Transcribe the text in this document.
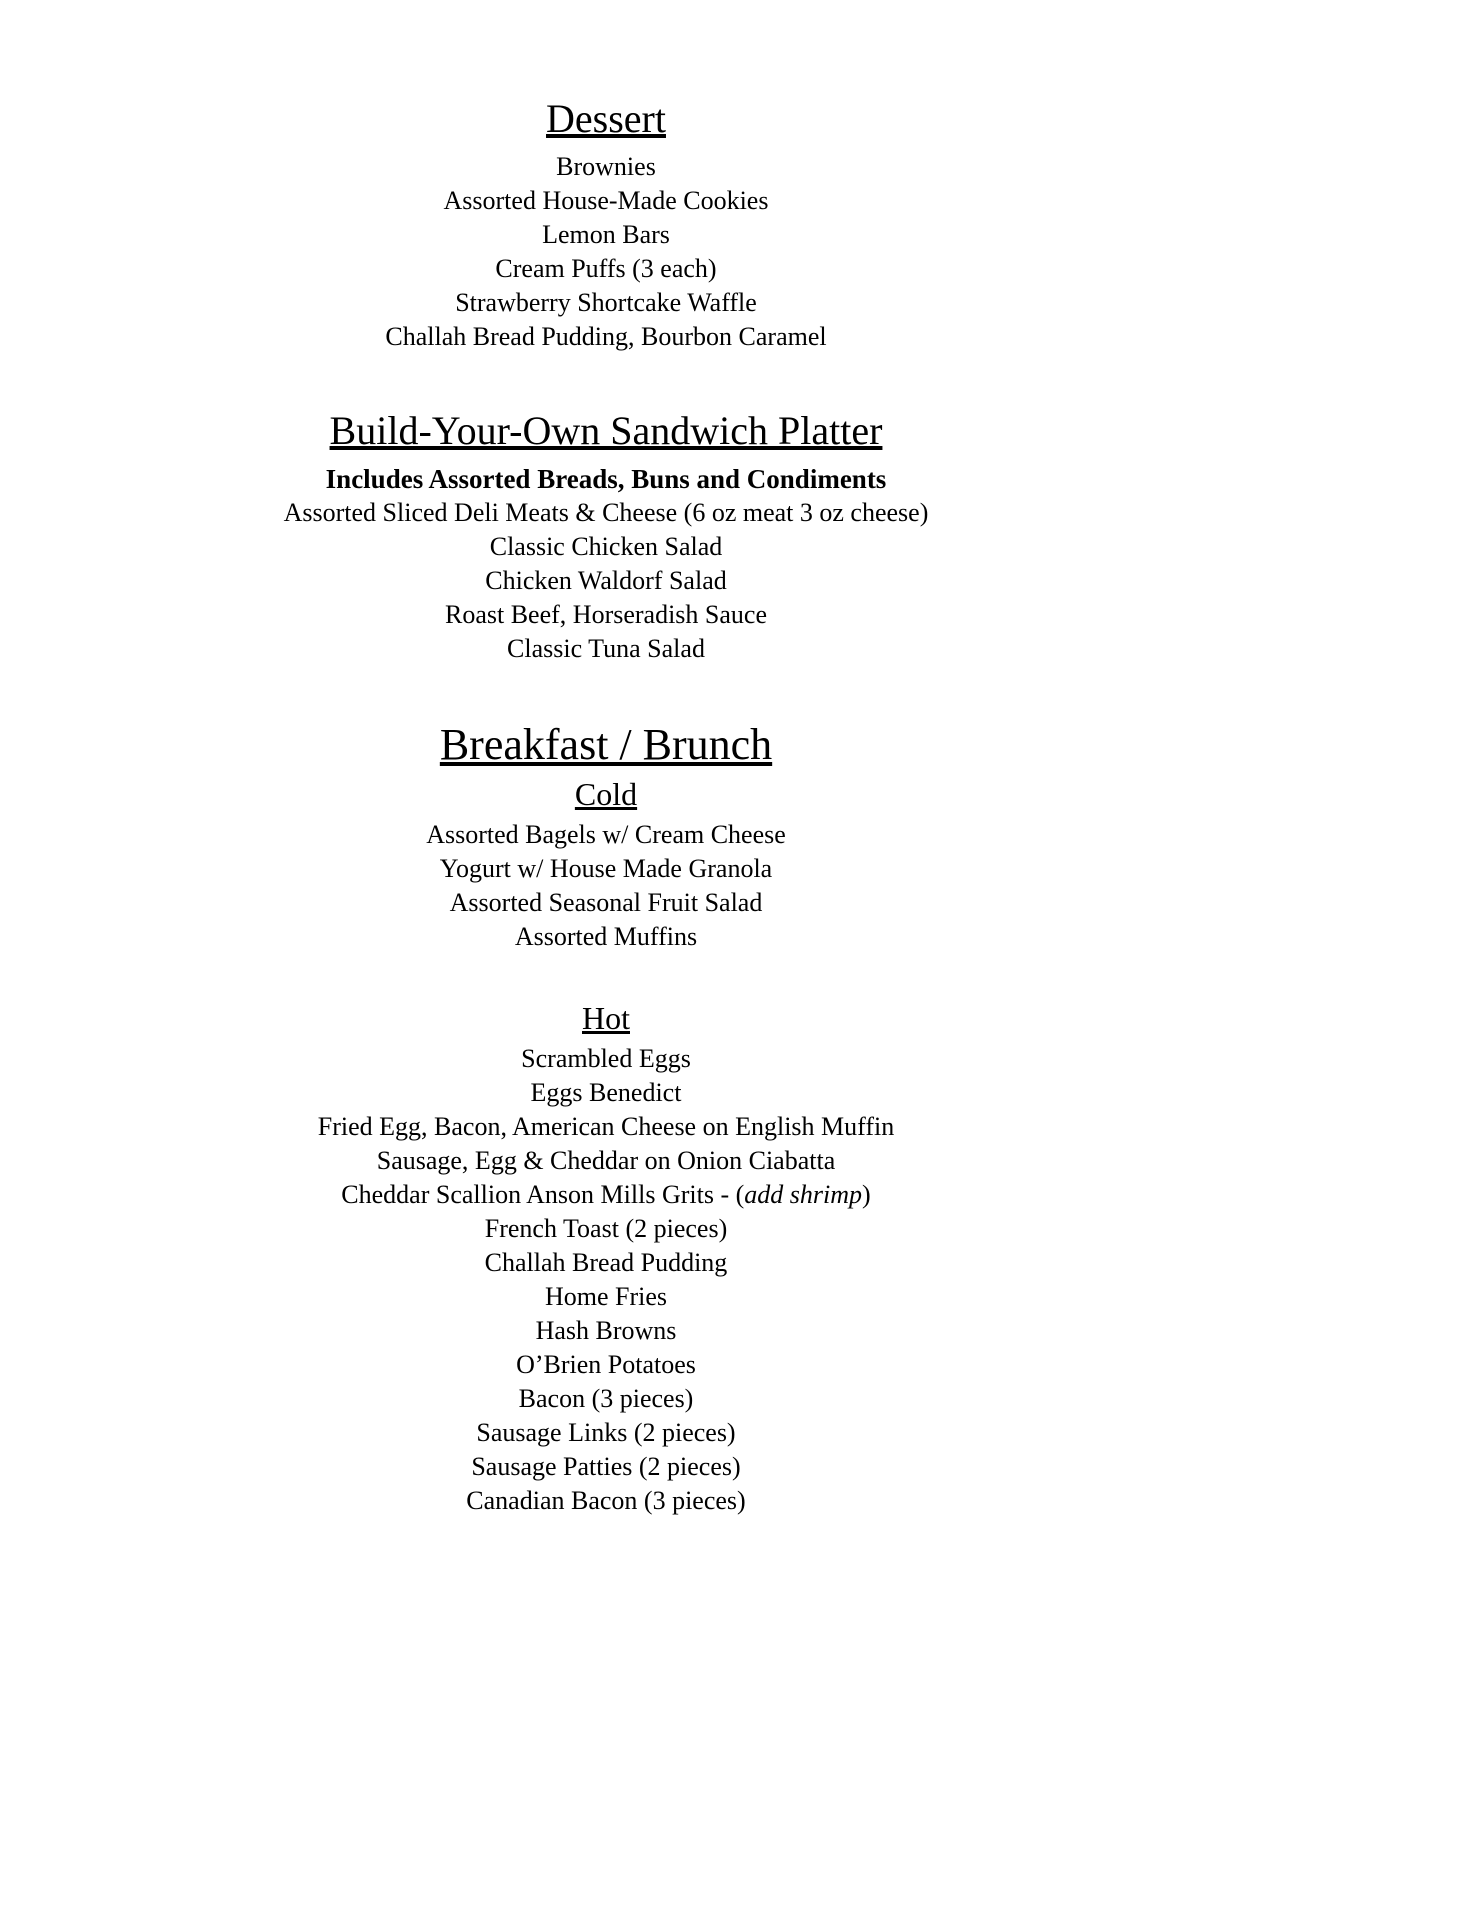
Dessert
Brownies
Assorted House-Made Cookies
Lemon Bars
Cream Puffs (3 each)
Strawberry Shortcake Waffle
Challah Bread Pudding, Bourbon Caramel
Build-Your-Own Sandwich Platter
Includes Assorted Breads, Buns and Condiments
Assorted Sliced Deli Meats & Cheese (6 oz meat 3 oz cheese)
Classic Chicken Salad
Chicken Waldorf Salad
Roast Beef, Horseradish Sauce
Classic Tuna Salad
Breakfast / Brunch
Cold
Assorted Bagels w/ Cream Cheese
Yogurt w/ House Made Granola
Assorted Seasonal Fruit Salad
Assorted Muffins
Hot
Scrambled Eggs
Eggs Benedict
Fried Egg, Bacon, American Cheese on English Muffin
Sausage, Egg & Cheddar on Onion Ciabatta
Cheddar Scallion Anson Mills Grits - (add shrimp)
French Toast (2 pieces)
Challah Bread Pudding
Home Fries
Hash Browns
O’Brien Potatoes
Bacon (3 pieces)
Sausage Links (2 pieces)
Sausage Patties (2 pieces)
Canadian Bacon (3 pieces)
